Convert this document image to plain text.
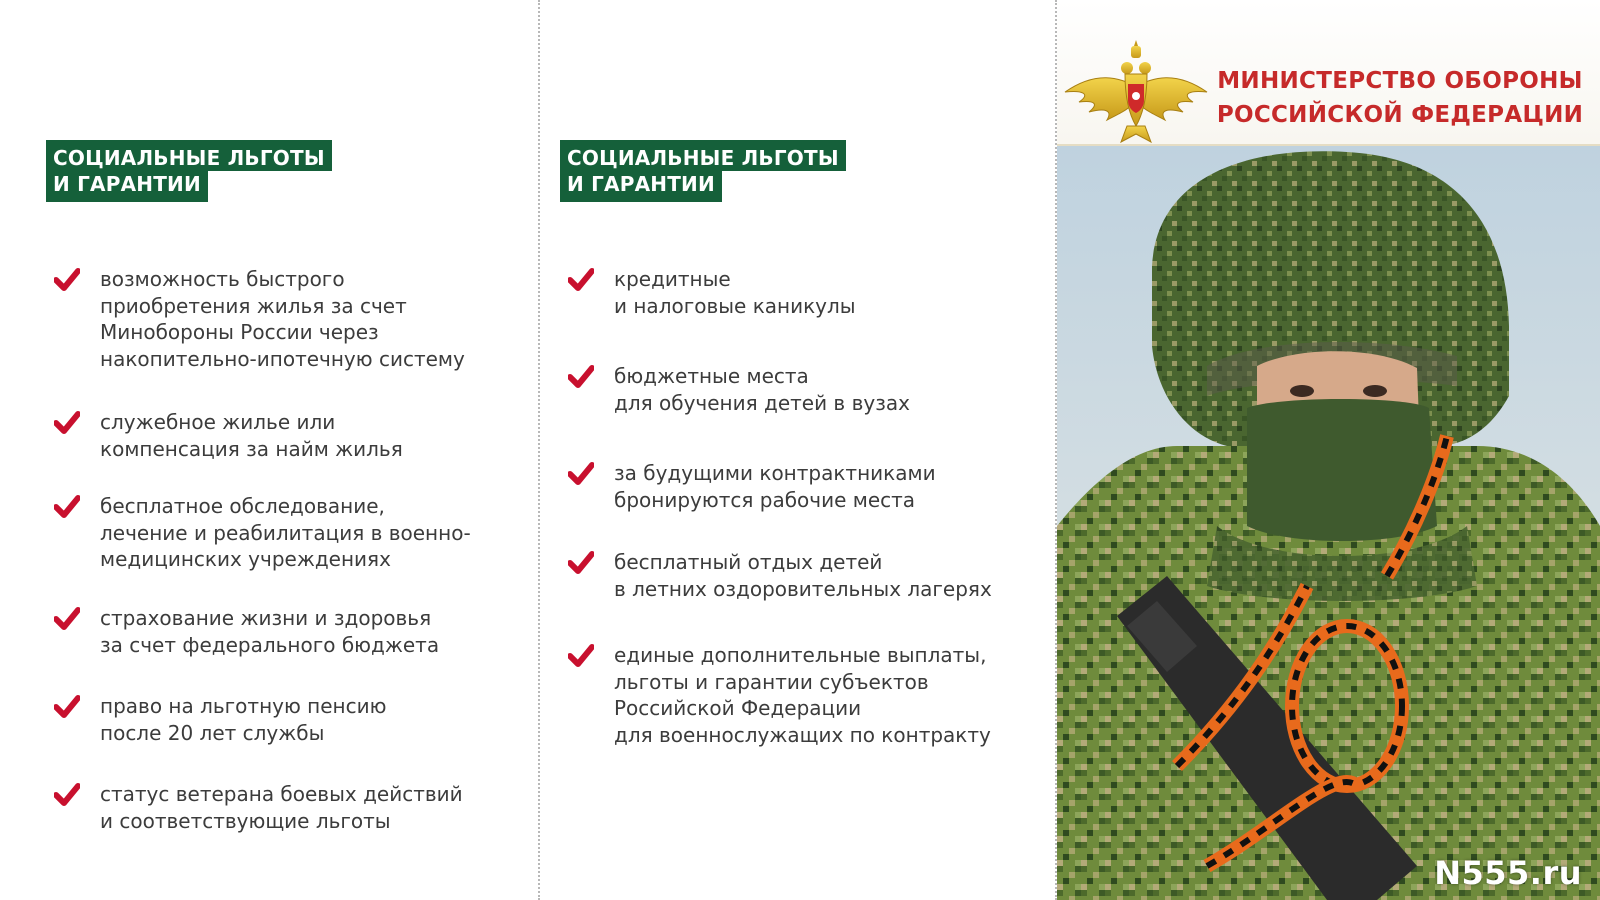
СОЦИАЛЬНЫЕ ЛЬГОТЫ
И ГАРАНТИИ
возможность быстрого
приобретения жилья за счет
Минобороны России через
накопительно-ипотечную систему
служебное жилье или
компенсация за найм жилья
бесплатное обследование,
лечение и реабилитация в военно-
медицинских учреждениях
страхование жизни и здоровья
за счет федерального бюджета
право на льготную пенсию
после 20 лет службы
статус ветерана боевых действий
и соответствующие льготы
СОЦИАЛЬНЫЕ ЛЬГОТЫ
И ГАРАНТИИ
кредитные
и налоговые каникулы
бюджетные места
для обучения детей в вузах
за будущими контрактниками
бронируются рабочие места
бесплатный отдых детей
в летних оздоровительных лагерях
единые дополнительные выплаты,
льготы и гарантии субъектов
Российской Федерации
для военнослужащих по контракту
МИНИСТЕРСТВО ОБОРОНЫ
РОССИЙСКОЙ ФЕДЕРАЦИИ
N555.ru
